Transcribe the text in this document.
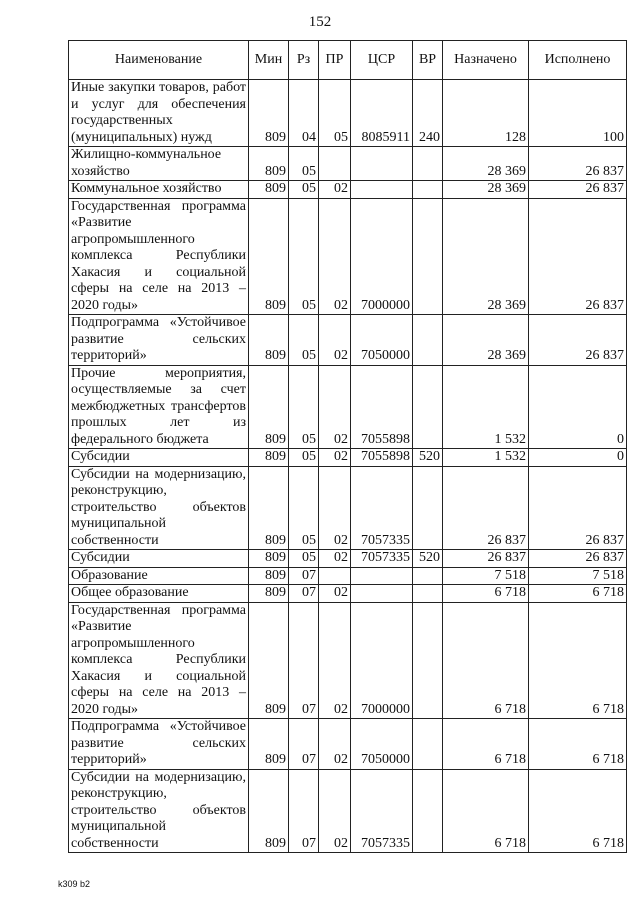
152
Наименование	Мин	Рз	ПР	ЦСР	ВР	Назначено	Исполнено
Иные закупки товаров, работ и услуг для обеспечения государственных (муниципальных) нужд	809	04	05	8085911	240	128	100
Жилищно-коммунальное хозяйство	809	05				28 369	26 837
Коммунальное хозяйство	809	05	02			28 369	26 837
Государственная программа «Развитие агропромышленного комплекса Республики Хакасия и социальной сферы на селе на 2013 – 2020 годы»	809	05	02	7000000		28 369	26 837
Подпрограмма «Устойчивое развитие сельских территорий»	809	05	02	7050000		28 369	26 837
Прочие мероприятия, осуществляемые за счет межбюджетных трансфертов прошлых лет из федерального бюджета	809	05	02	7055898		1 532	0
Субсидии	809	05	02	7055898	520	1 532	0
Субсидии на модернизацию, реконструкцию, строительство объектов муниципальной собственности	809	05	02	7057335		26 837	26 837
Субсидии	809	05	02	7057335	520	26 837	26 837
Образование	809	07				7 518	7 518
Общее образование	809	07	02			6 718	6 718
Государственная программа «Развитие агропромышленного комплекса Республики Хакасия и социальной сферы на селе на 2013 – 2020 годы»	809	07	02	7000000		6 718	6 718
Подпрограмма «Устойчивое развитие сельских территорий»	809	07	02	7050000		6 718	6 718
Субсидии на модернизацию, реконструкцию, строительство объектов муниципальной собственности	809	07	02	7057335		6 718	6 718
k309 b2
